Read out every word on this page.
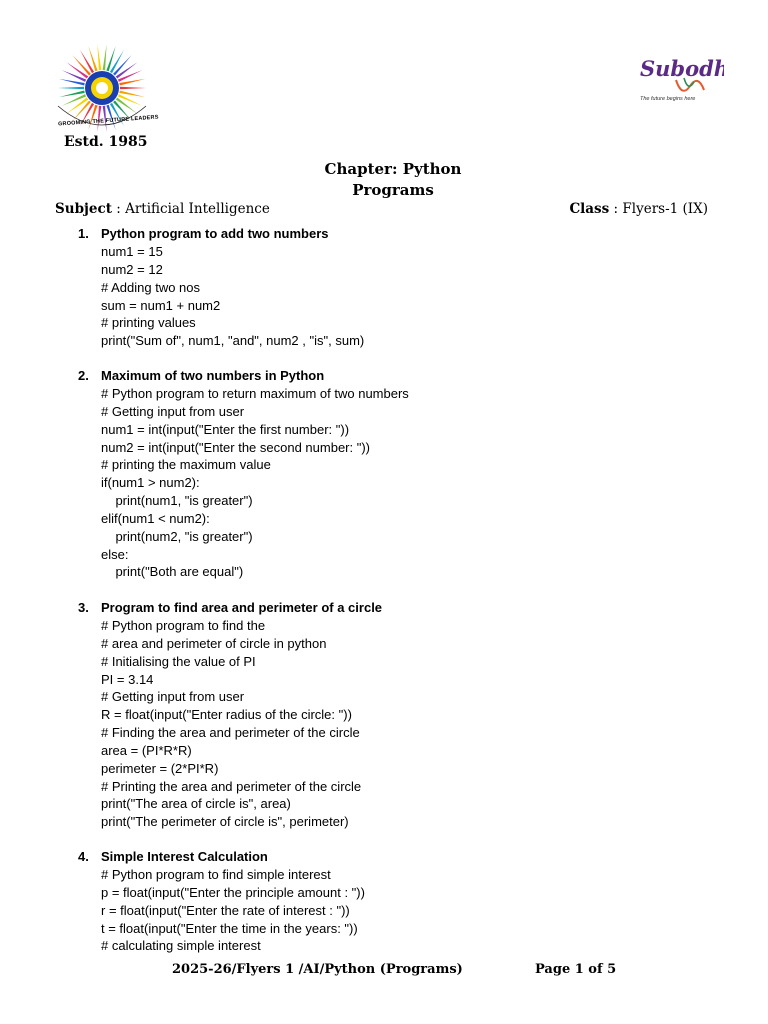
GROOMING THE FUTURE LEADERS
Estd. 1985
Subodh
The future begins here
Chapter: Python
Programs
Subject : Artificial Intelligence	Class : Flyers-1 (IX)
1. Python program to add two numbers
num1 = 15
num2 = 12
# Adding two nos
sum = num1 + num2
# printing values
print("Sum of", num1, "and", num2 , "is", sum)
2. Maximum of two numbers in Python
# Python program to return maximum of two numbers
# Getting input from user
num1 = int(input("Enter the first number: "))
num2 = int(input("Enter the second number: "))
# printing the maximum value
if(num1 > num2):
print(num1, "is greater")
elif(num1 < num2):
print(num2, "is greater")
else:
print("Both are equal")
3. Program to find area and perimeter of a circle
# Python program to find the
# area and perimeter of circle in python
# Initialising the value of PI
PI = 3.14
# Getting input from user
R = float(input("Enter radius of the circle: "))
# Finding the area and perimeter of the circle
area = (PI*R*R)
perimeter = (2*PI*R)
# Printing the area and perimeter of the circle
print("The area of circle is", area)
print("The perimeter of circle is", perimeter)
4. Simple Interest Calculation
# Python program to find simple interest
p = float(input("Enter the principle amount : "))
r = float(input("Enter the rate of interest : "))
t = float(input("Enter the time in the years: "))
# calculating simple interest
2025-26/Flyers 1 /AI/Python (Programs)	Page 1 of 5
